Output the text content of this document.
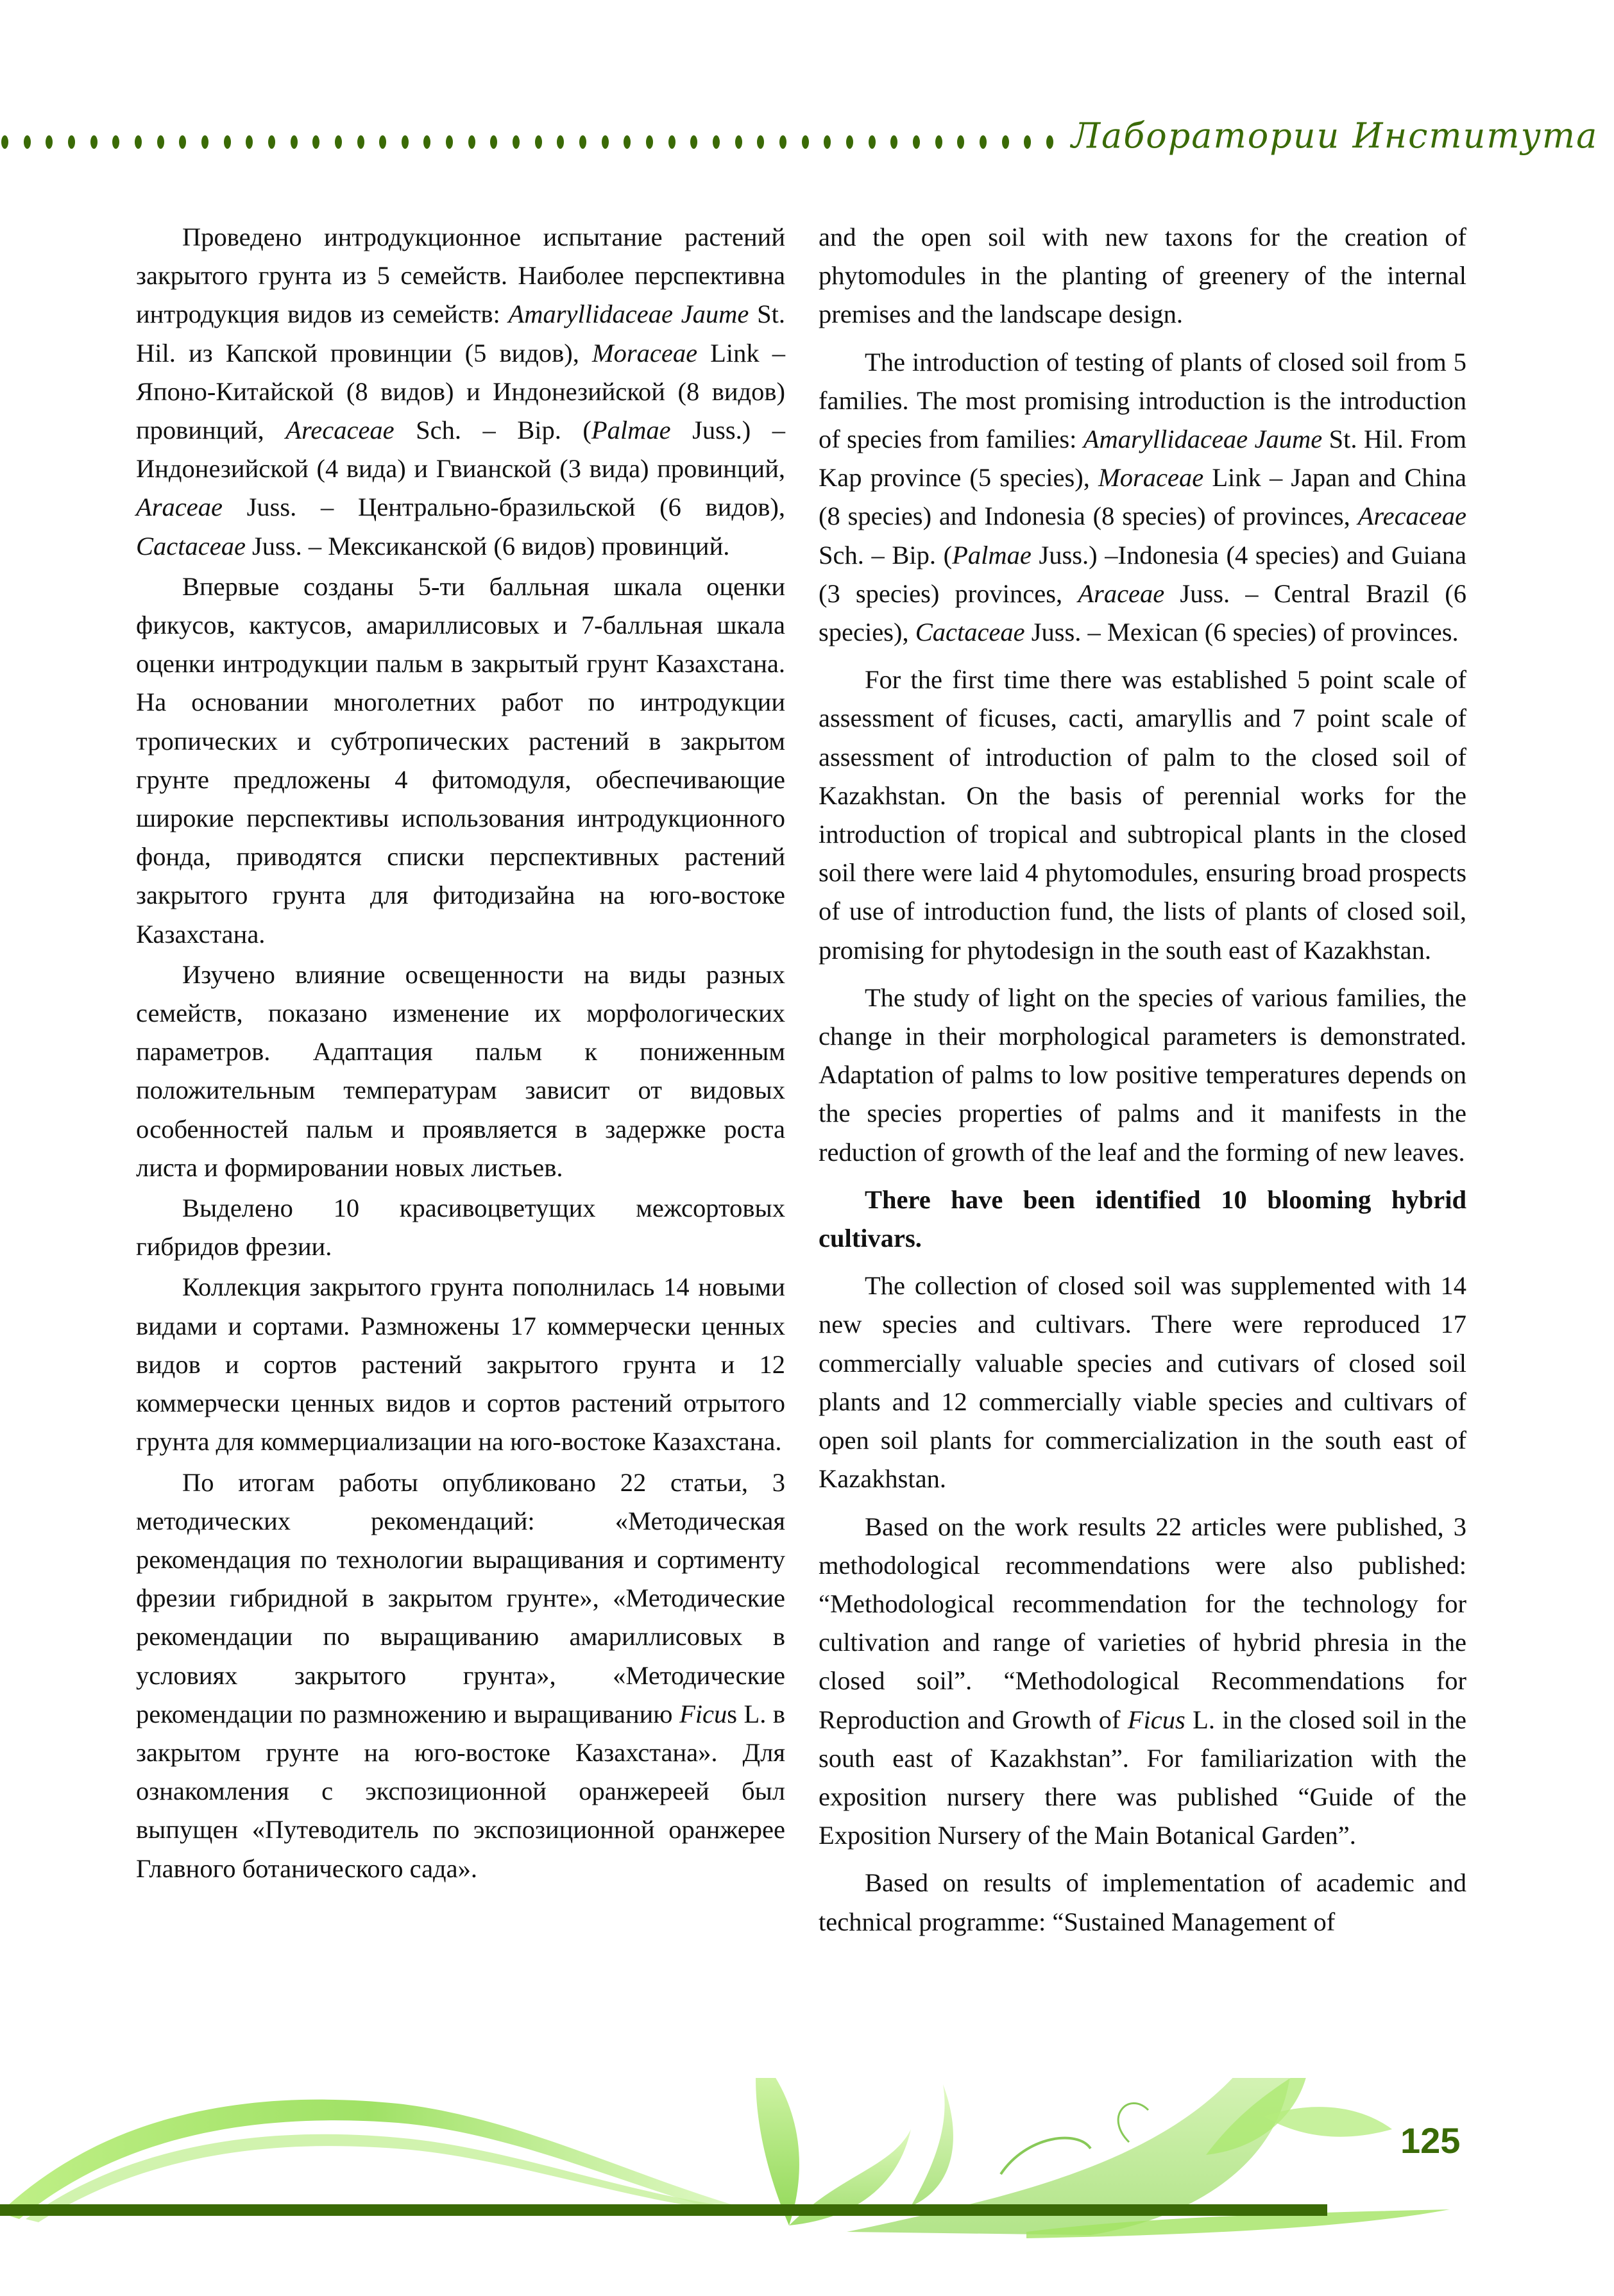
Лаборатории Института

Проведено интродукционное испытание растений закрытого грунта из 5 семейств. Наиболее перспективна интродукция видов из семейств: Amaryllidaceae Jaume St. Hil. из Капской провинции (5 видов), Moraceae Link – Японо-Китайской (8 видов) и Индонезийской (8 видов) провинций, Arecaceae Sch. – Bip. (Palmae Juss.) – Индонезийской (4 вида) и Гвианской (3 вида) провинций, Araceae Juss. – Центрально-бразильской (6 видов), Cactaceae Juss. – Мексиканской (6 видов) провинций.

Впервые созданы 5-ти балльная шкала оценки фикусов, кактусов, амариллисовых и 7-балльная шкала оценки интродукции пальм в закрытый грунт Казахстана. На основании многолетних работ по интродукции тропических и субтропических растений в закрытом грунте предложены 4 фитомодуля, обеспечивающие широкие перспективы использования интродукционного фонда, приводятся списки перспективных растений закрытого грунта для фитодизайна на юго-востоке Казахстана.

Изучено влияние освещенности на виды разных семейств, показано изменение их морфологических параметров. Адаптация пальм к пониженным положительным температурам зависит от видовых особенностей пальм и проявляется в задержке роста листа и формировании новых листьев.

Выделено 10 красивоцветущих межсортовых гибридов фрезии.

Коллекция закрытого грунта пополнилась 14 новыми видами и сортами. Размножены 17 коммерчески ценных видов и сортов растений закрытого грунта и 12 коммерчески ценных видов и сортов растений отрытого грунта для коммерциализации на юго-востоке Казахстана.

По итогам работы опубликовано 22 статьи, 3 методических рекомендаций: «Методическая рекомендация по технологии выращивания и сортименту фрезии гибридной в закрытом грунте», «Методические рекомендации по выращиванию амариллисовых в условиях закрытого грунта», «Методические рекомендации по размножению и выращиванию Ficus L. в закрытом грунте на юго-востоке Казахстана». Для ознакомления с экспозиционной оранжереей был выпущен «Путеводитель по экспозиционной оранжерее Главного ботанического сада».

and the open soil with new taxons for the creation of phytomodules in the planting of greenery of the internal premises and the landscape design.

The introduction of testing of plants of closed soil from 5 families. The most promising introduction is the introduction of species from families: Amaryllidaceae Jaume St. Hil. From Kap province (5 species), Moraceae Link – Japan and China (8 species) and Indonesia (8 species) of provinces, Arecaceae Sch. – Bip. (Palmae Juss.) –Indonesia (4 species) and Guiana (3 species) provinces, Araceae Juss. – Central Brazil (6 species), Cactaceae Juss. – Mexican (6 species) of provinces.

For the first time there was established 5 point scale of assessment of ficuses, cacti, amaryllis and 7 point scale of assessment of introduction of palm to the closed soil of Kazakhstan. On the basis of perennial works for the introduction of tropical and subtropical plants in the closed soil there were laid 4 phytomodules, ensuring broad prospects of use of introduction fund, the lists of plants of closed soil, promising for phytodesign in the south east of Kazakhstan.

The study of light on the species of various families, the change in their morphological parameters is demonstrated. Adaptation of palms to low positive temperatures depends on the species properties of palms and it manifests in the reduction of growth of the leaf and the forming of new leaves.

There have been identified 10 blooming hybrid cultivars.

The collection of closed soil was supplemented with 14 new species and cultivars. There were reproduced 17 commercially valuable species and cutivars of closed soil plants and 12 commercially viable species and cultivars of open soil plants for commercialization in the south east of Kazakhstan.

Based on the work results 22 articles were published, 3 methodological recommendations were also published: “Methodological recommendation for the technology for cultivation and range of varieties of hybrid phresia in the closed soil”. “Methodological Recommendations for Reproduction and Growth of Ficus L. in the closed soil in the south east of Kazakhstan”. For familiarization with the exposition nursery there was published “Guide of the Exposition Nursery of the Main Botanical Garden”.

Based on results of implementation of academic and technical programme: “Sustained Management of

125
